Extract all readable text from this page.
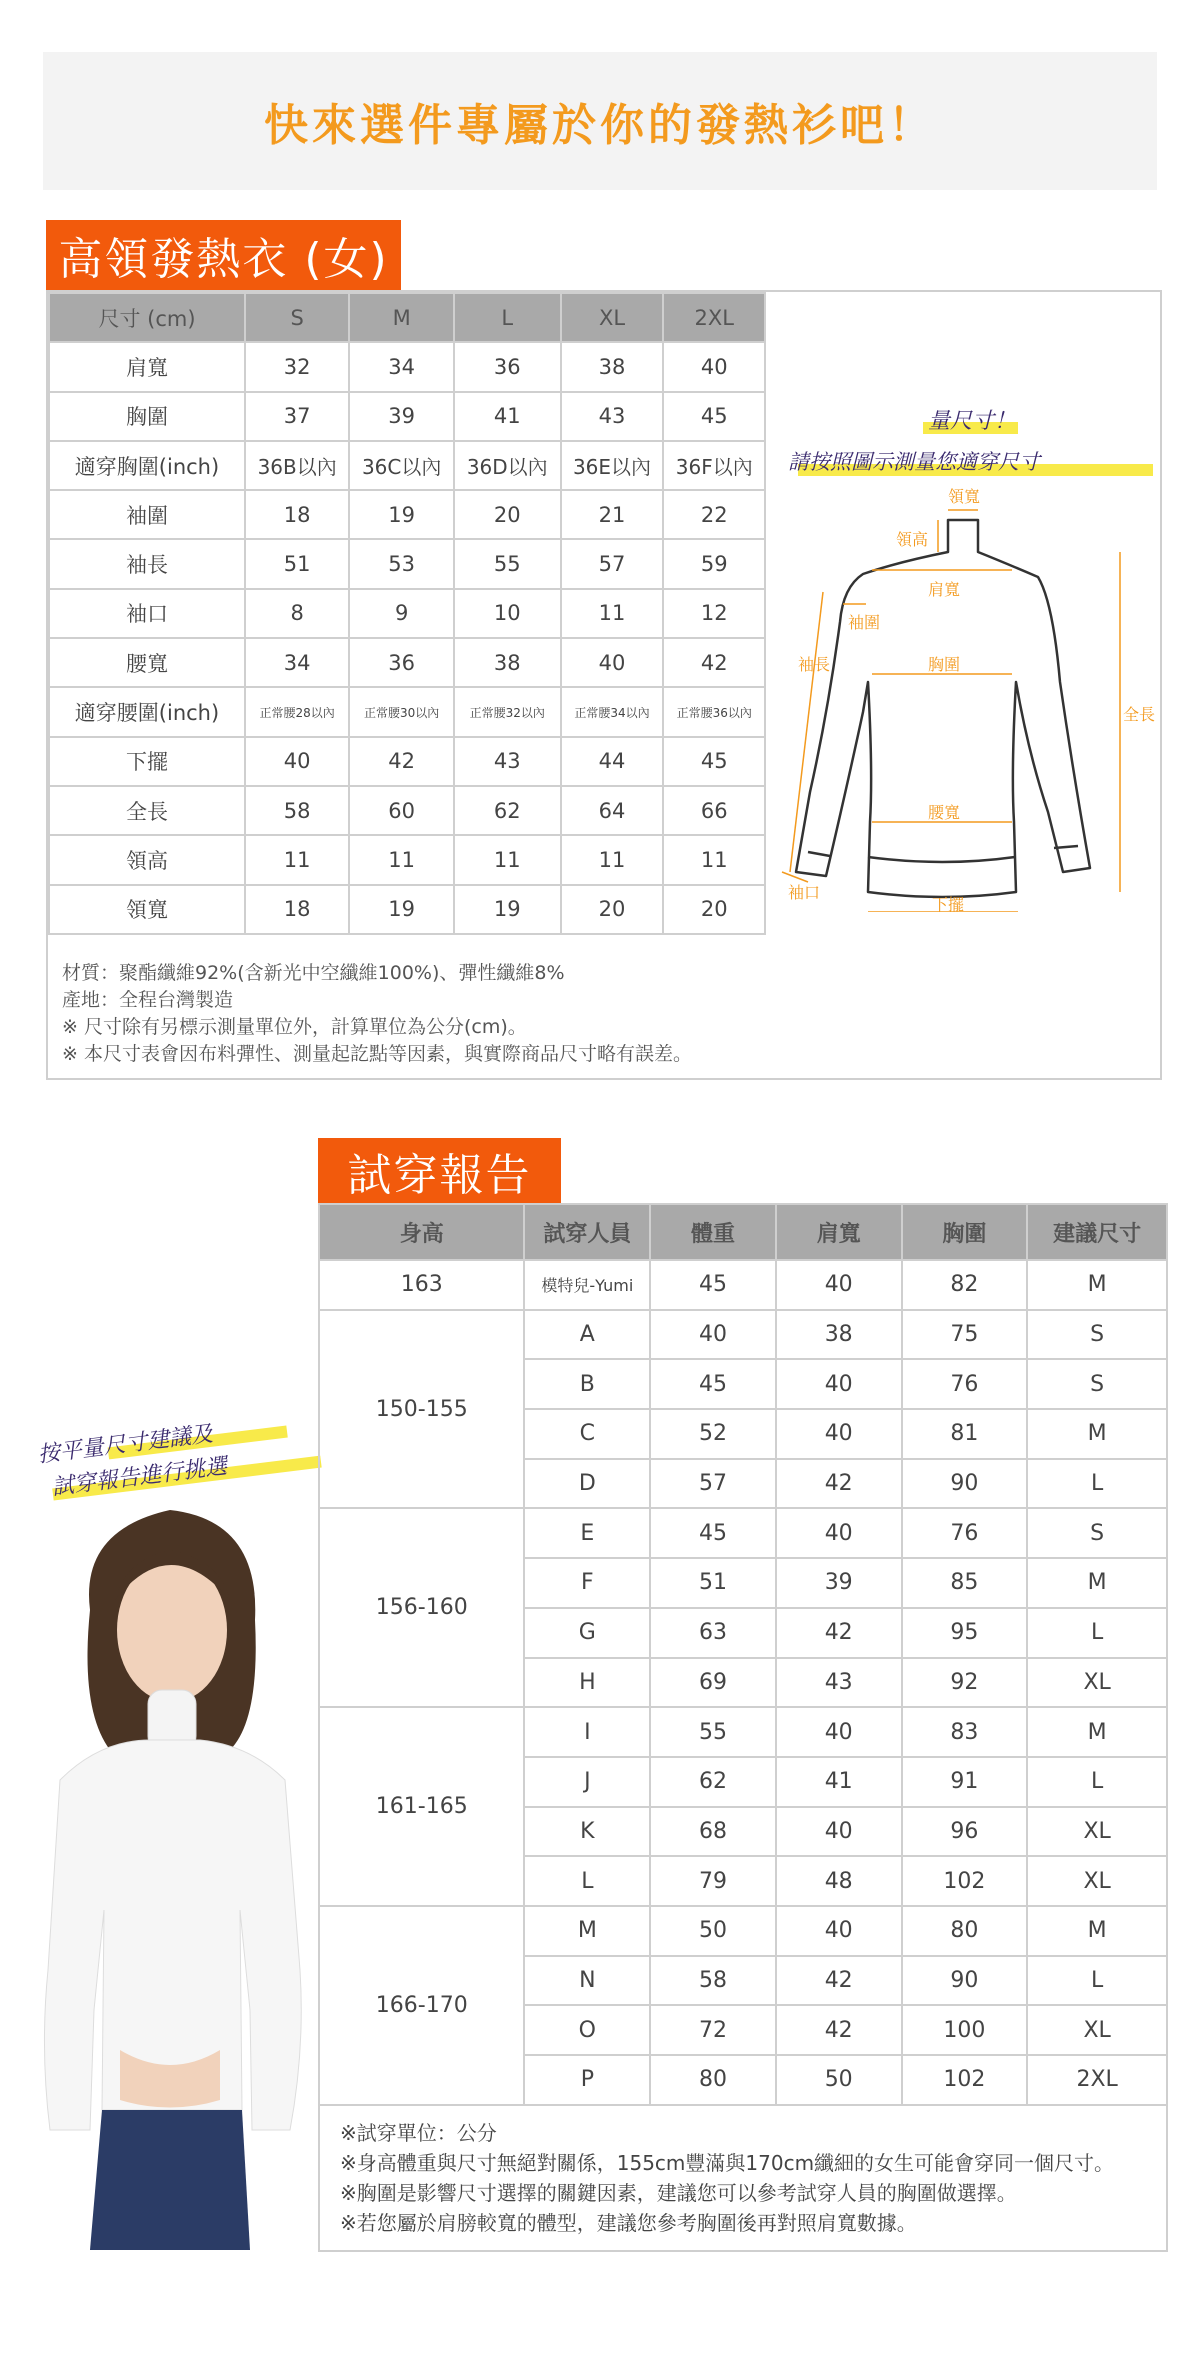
快來選件專屬於你的發熱衫吧！
高領發熱衣 (女)
尺寸 (cm)	S	M	L	XL	2XL
肩寬	32	34	36	38	40
胸圍	37	39	41	43	45
適穿胸圍(inch)	36B以內	36C以內	36D以內	36E以內	36F以內
袖圍	18	19	20	21	22
袖長	51	53	55	57	59
袖口	8	9	10	11	12
腰寬	34	36	38	40	42
適穿腰圍(inch)	正常腰28以內	正常腰30以內	正常腰32以內	正常腰34以內	正常腰36以內
下擺	40	42	43	44	45
全長	58	60	62	64	66
領高	11	11	11	11	11
領寬	18	19	19	20	20
量尺寸！
請按照圖示測量您適穿尺寸
領寬
領高
肩寬
袖圍
胸圍
袖長
全長
腰寬
袖口
下擺
材質：聚酯纖維92%(含新光中空纖維100%)、彈性纖維8%
產地：全程台灣製造
※ 尺寸除有另標示測量單位外，計算單位為公分(cm)。
※ 本尺寸表會因布料彈性、測量起訖點等因素，與實際商品尺寸略有誤差。
試穿報告
按平量尺寸建議及
試穿報告進行挑選
身高	試穿人員	體重	肩寬	胸圍	建議尺寸
163	模特兒-Yumi	45	40	82	M
150-155	A	40	38	75	S
	B	45	40	76	S
	C	52	40	81	M
	D	57	42	90	L
156-160	E	45	40	76	S
	F	51	39	85	M
	G	63	42	95	L
	H	69	43	92	XL
161-165	I	55	40	83	M
	J	62	41	91	L
	K	68	40	96	XL
	L	79	48	102	XL
166-170	M	50	40	80	M
	N	58	42	90	L
	O	72	42	100	XL
	P	80	50	102	2XL
※試穿單位：公分
※身高體重與尺寸無絕對關係，155cm豐滿與170cm纖細的女生可能會穿同一個尺寸。
※胸圍是影響尺寸選擇的關鍵因素，建議您可以參考試穿人員的胸圍做選擇。
※若您屬於肩膀較寬的體型，建議您參考胸圍後再對照肩寬數據。
